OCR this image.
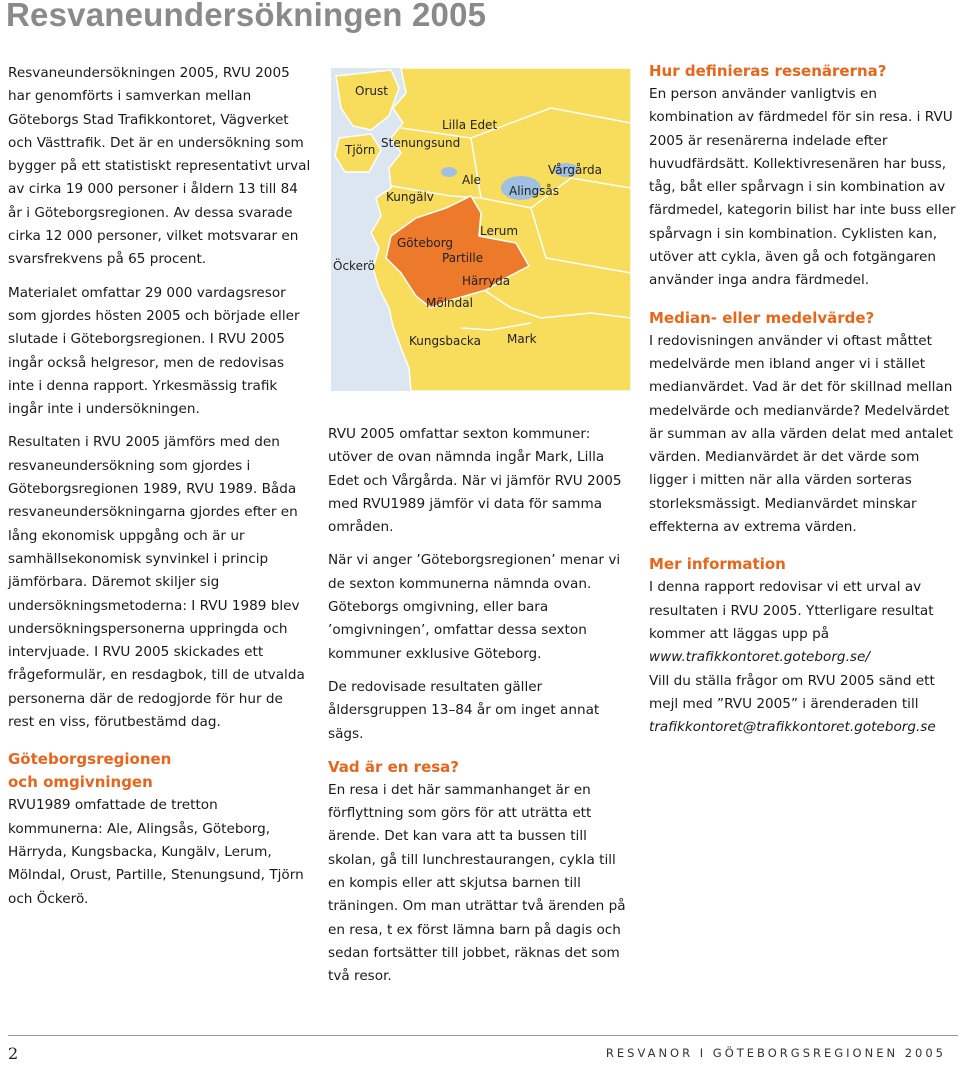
Resvaneundersökningen 2005

Resvaneundersökningen 2005, RVU 2005 har genomförts i samverkan mellan Göteborgs Stad Trafikkontoret, Vägverket och Västtrafik. Det är en undersökning som bygger på ett statistiskt representativt urval av cirka 19 000 personer i åldern 13 till 84 år i Göteborgsregionen. Av dessa svarade cirka 12 000 personer, vilket motsvarar en svarsfrekvens på 65 procent.

Materialet omfattar 29 000 vardagsresor som gjordes hösten 2005 och började eller slutade i Göteborgsregionen. I RVU 2005 ingår också helgresor, men de redovisas inte i denna rapport. Yrkesmässig trafik ingår inte i undersökningen.

Resultaten i RVU 2005 jämförs med den resvaneundersökning som gjordes i Göteborgsregionen 1989, RVU 1989. Båda resvaneundersökningarna gjordes efter en lång ekonomisk uppgång och är ur samhällsekonomisk synvinkel i princip jämförbara. Däremot skiljer sig undersökningsmetoderna: I RVU 1989 blev undersökningspersonerna uppringda och intervjuade. I RVU 2005 skickades ett frågeformulär, en resdagbok, till de utvalda personerna där de redogjorde för hur de rest en viss, förutbestämd dag.

Göteborgsregionen
och omgivningen

RVU1989 omfattade de tretton kommunerna: Ale, Alingsås, Göteborg, Härryda, Kungsbacka, Kungälv, Lerum, Mölndal, Orust, Partille, Stenungsund, Tjörn och Öckerö.

Orust
Lilla Edet
Tjörn Stenungsund
Vårgårda
Ale
Alingsås
Kungälv
Lerum
Göteborg
Partille
Öckerö
Härryda
Mölndal
Kungsbacka Mark

RVU 2005 omfattar sexton kommuner: utöver de ovan nämnda ingår Mark, Lilla Edet och Vårgårda. När vi jämför RVU 2005 med RVU1989 jämför vi data för samma områden.

När vi anger ’Göteborgsregionen’ menar vi de sexton kommunerna nämnda ovan. Göteborgs omgivning, eller bara ’omgivningen’, omfattar dessa sexton kommuner exklusive Göteborg.

De redovisade resultaten gäller åldersgruppen 13–84 år om inget annat sägs.

Vad är en resa?

En resa i det här sammanhanget är en förflyttning som görs för att uträtta ett ärende. Det kan vara att ta bussen till skolan, gå till lunchrestaurangen, cykla till en kompis eller att skjutsa barnen till träningen. Om man uträttar två ärenden på en resa, t ex först lämna barn på dagis och sedan fortsätter till jobbet, räknas det som två resor.

Hur definieras resenärerna?

En person använder vanligtvis en kombination av färdmedel för sin resa. i RVU 2005 är resenärerna indelade efter huvudfärdsätt. Kollektivresenären har buss, tåg, båt eller spårvagn i sin kombination av färdmedel, kategorin bilist har inte buss eller spårvagn i sin kombination. Cyklisten kan, utöver att cykla, även gå och fotgängaren använder inga andra färdmedel.

Median- eller medelvärde?

I redovisningen använder vi oftast måttet medelvärde men ibland anger vi i stället medianvärdet. Vad är det för skillnad mellan medelvärde och medianvärde? Medelvärdet är summan av alla värden delat med antalet värden. Medianvärdet är det värde som ligger i mitten när alla värden sorteras storleksmässigt. Medianvärdet minskar effekterna av extrema värden.

Mer information
I denna rapport redovisar vi ett urval av resultaten i RVU 2005. Ytterligare resultat kommer att läggas upp på
www.trafikkontoret.goteborg.se/
Vill du ställa frågor om RVU 2005 sänd ett mejl med ”RVU 2005” i ärenderaden till
trafikkontoret@trafikkontoret.goteborg.se
2	RESVANOR I GÖTEBORGSREGIONEN 2005
